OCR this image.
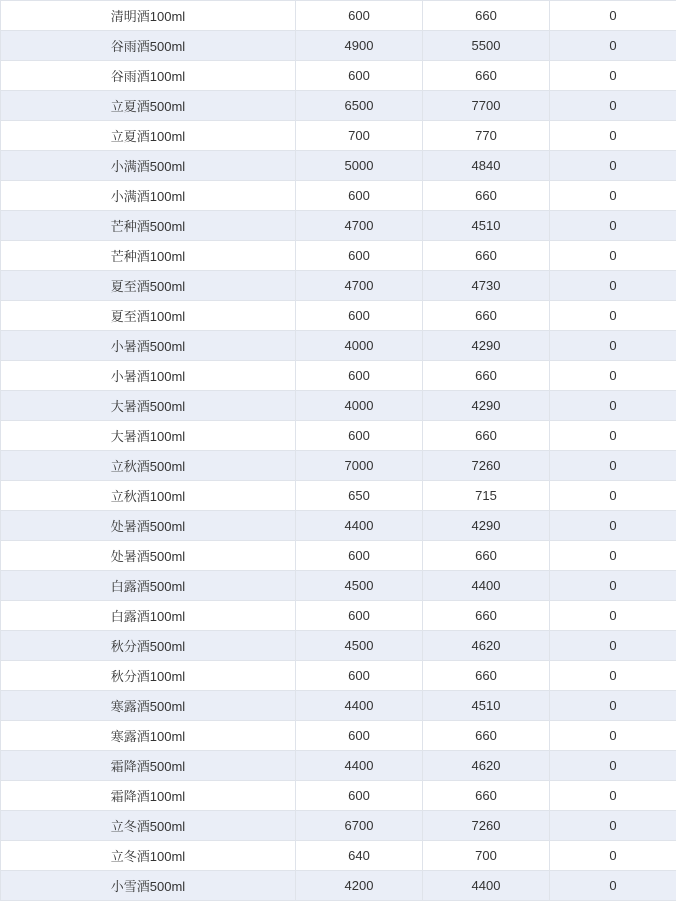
清明酒100ml	600	660	0
谷雨酒500ml	4900	5500	0
谷雨酒100ml	600	660	0
立夏酒500ml	6500	7700	0
立夏酒100ml	700	770	0
小满酒500ml	5000	4840	0
小满酒100ml	600	660	0
芒种酒500ml	4700	4510	0
芒种酒100ml	600	660	0
夏至酒500ml	4700	4730	0
夏至酒100ml	600	660	0
小暑酒500ml	4000	4290	0
小暑酒100ml	600	660	0
大暑酒500ml	4000	4290	0
大暑酒100ml	600	660	0
立秋酒500ml	7000	7260	0
立秋酒100ml	650	715	0
处暑酒500ml	4400	4290	0
处暑酒500ml	600	660	0
白露酒500ml	4500	4400	0
白露酒100ml	600	660	0
秋分酒500ml	4500	4620	0
秋分酒100ml	600	660	0
寒露酒500ml	4400	4510	0
寒露酒100ml	600	660	0
霜降酒500ml	4400	4620	0
霜降酒100ml	600	660	0
立冬酒500ml	6700	7260	0
立冬酒100ml	640	700	0
小雪酒500ml	4200	4400	0
